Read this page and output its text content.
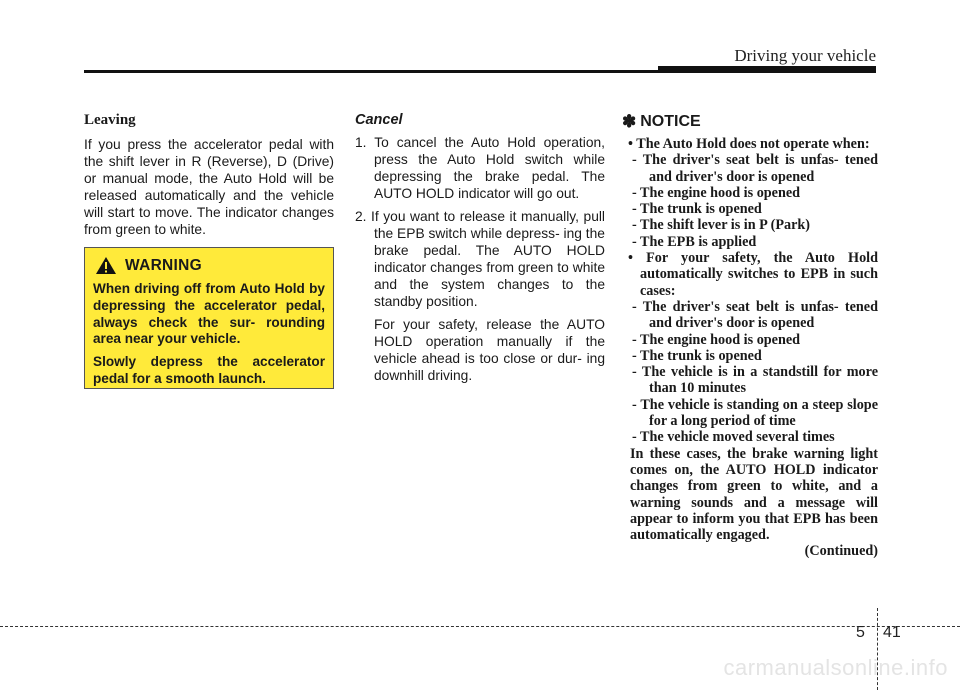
Driving your vehicle

Leaving

If you press the accelerator pedal with the shift lever in R (Reverse), D (Drive) or manual mode, the Auto Hold will be released automatically and the vehicle will start to move. The indicator changes from green to white.

WARNING

When driving off from Auto Hold by depressing the accelerator pedal, always check the sur- rounding area near your vehicle.

Slowly depress the accelerator pedal for a smooth launch.

Cancel

1. To cancel the Auto Hold operation, press the Auto Hold switch while depressing the brake pedal. The AUTO HOLD indicator will go out.
2. If you want to release it manually, pull the EPB switch while depress- ing the brake pedal. The AUTO HOLD indicator changes from green to white and the system changes to the standby position.

For your safety, release the AUTO HOLD operation manually if the vehicle ahead is too close or dur- ing downhill driving.

✽ NOTICE
• The Auto Hold does not operate when:
- The driver's seat belt is unfas- tened and driver's door is opened
- The engine hood is opened
- The trunk is opened
- The shift lever is in P (Park)
- The EPB is applied
• For your safety, the Auto Hold automatically switches to EPB in such cases:
- The driver's seat belt is unfas- tened and driver's door is opened
- The engine hood is opened
- The trunk is opened
- The vehicle is in a standstill for more than 10 minutes
- The vehicle is standing on a steep slope for a long period of time
- The vehicle moved several times
In these cases, the brake warning light comes on, the AUTO HOLD indicator changes from green to white, and a warning sounds and a message will appear to inform you that EPB has been automatically engaged.
(Continued)
5 41
carmanualsonline.info
